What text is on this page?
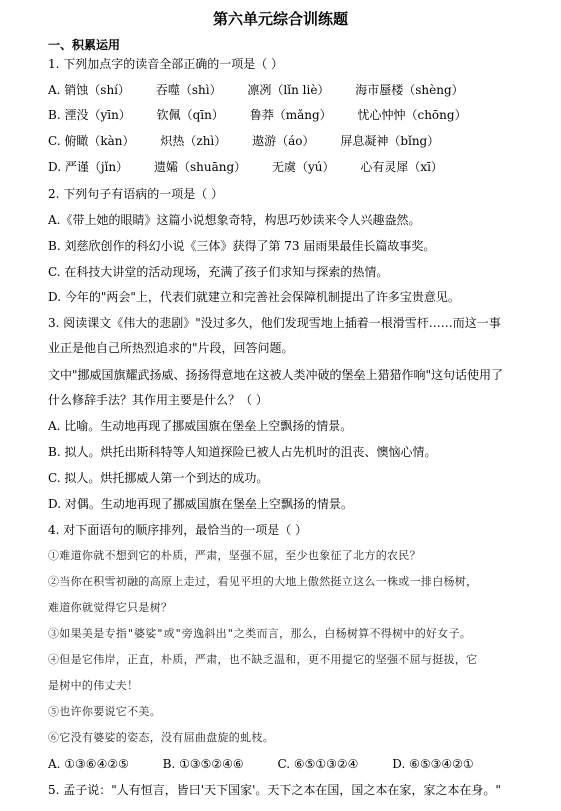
第六单元综合训练题
一、积累运用
1. 下列加点字的读音全部正确的一项是（ ）
A. 销蚀（shí） 吞噬（shì） 凛冽（lǐn liè） 海市蜃楼（shèng）
B. 湮没（yīn） 钦佩（qīn） 鲁莽（mǎng） 忧心忡忡（chōng）
C. 俯瞰（kàn） 炽热（zhì） 遨游（áo） 屏息凝神（bǐng）
D. 严谨（jǐn） 遗孀（shuāng） 无虞（yú） 心有灵犀（xī）
2. 下列句子有语病的一项是（ ）
A.《带上她的眼睛》这篇小说想象奇特，构思巧妙读来令人兴趣盎然。
B. 刘慈欣创作的科幻小说《三体》获得了第 73 届雨果最佳长篇故事奖。
C. 在科技大讲堂的活动现场，充满了孩子们求知与探索的热情。
D. 今年的"两会"上，代表们就建立和完善社会保障机制提出了许多宝贵意见。
3. 阅读课文《伟大的悲剧》"没过多久，他们发现雪地上插着一根滑雪杆……而这一事
业正是他自己所热烈追求的"片段，回答问题。
文中"挪威国旗耀武扬威、扬扬得意地在这被人类冲破的堡垒上猎猎作响"这句话使用了
什么修辞手法？其作用主要是什么？（ ）
A. 比喻。生动地再现了挪威国旗在堡垒上空飘扬的情景。
B. 拟人。烘托出斯科特等人知道探险已被人占先机时的沮丧、懊恼心情。
C. 拟人。烘托挪威人第一个到达的成功。
D. 对偶。生动地再现了挪威国旗在堡垒上空飘扬的情景。
4. 对下面语句的顺序排列，最恰当的一项是（ ）
①难道你就不想到它的朴质，严肃，坚强不屈，至少也象征了北方的农民？
②当你在积雪初融的高原上走过，看见平坦的大地上傲然挺立这么一株或一排白杨树，
难道你就觉得它只是树？
③如果美是专指"婆娑"或"旁逸斜出"之类而言，那么，白杨树算不得树中的好女子。
④但是它伟岸，正直，朴质，严肃，也不缺乏温和，更不用提它的坚强不屈与挺拔，它
是树中的伟丈夫！
⑤也许你要说它不美。
⑥它没有婆娑的姿态，没有屈曲盘旋的虬枝。
A. ①③⑥④②⑤	B. ①③⑤②④⑥	C. ⑥⑤①③②④	D. ⑥⑤③④②①
5. 孟子说："人有恒言，皆曰'天下国家'。天下之本在国，国之本在家，家之本在身。"
